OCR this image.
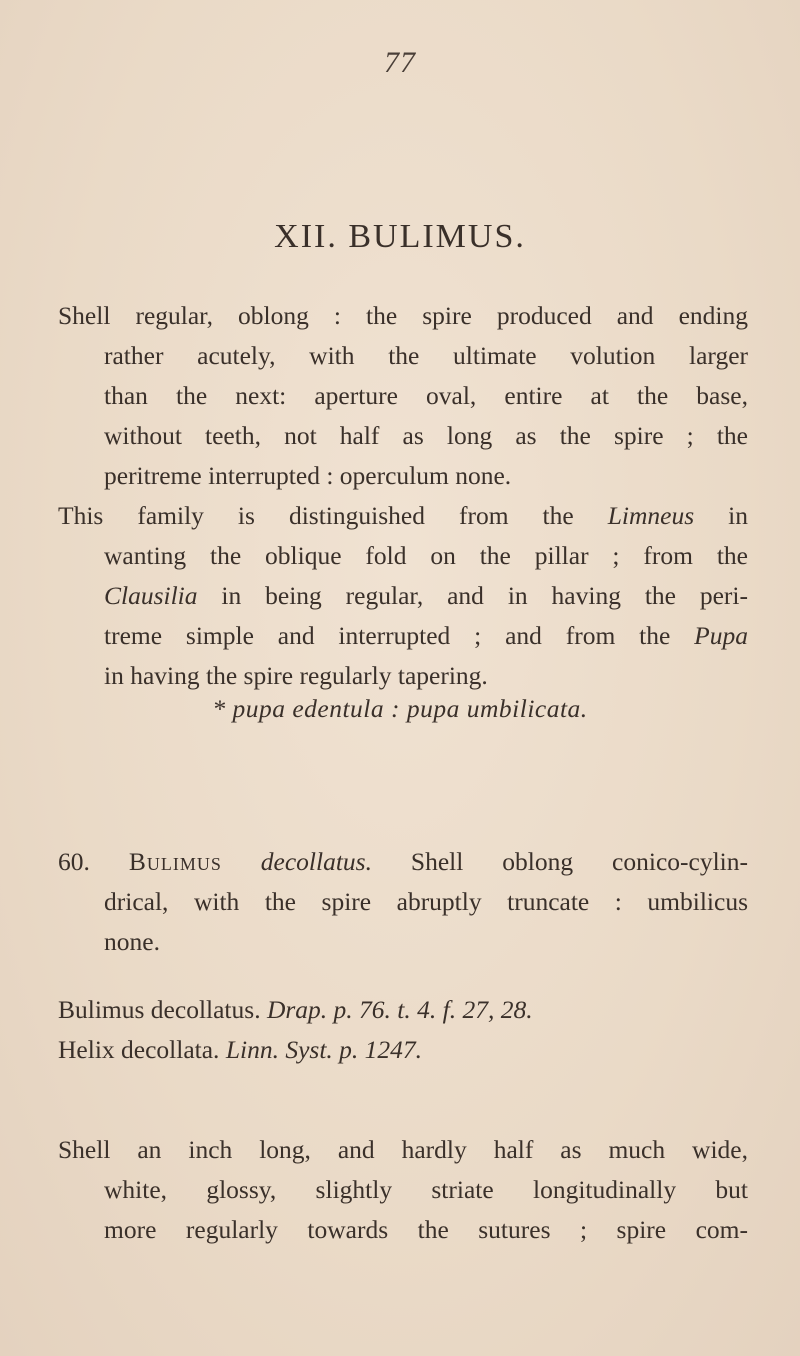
77
XII. BULIMUS.
Shell regular, oblong : the spire produced and ending
rather acutely, with the ultimate volution larger
than the next: aperture oval, entire at the base,
without teeth, not half as long as the spire ; the
peritreme interrupted : operculum none.
This family is distinguished from the Limneus in
wanting the oblique fold on the pillar ; from the
Clausilia in being regular, and in having the peri-
treme simple and interrupted ; and from the Pupa
in having the spire regularly tapering.
* pupa edentula : pupa umbilicata.
60. Bulimus decollatus. Shell oblong conico-cylin-
drical, with the spire abruptly truncate : umbilicus
none.
Bulimus decollatus. Drap. p. 76. t. 4. f. 27, 28.
Helix decollata. Linn. Syst. p. 1247.
Shell an inch long, and hardly half as much wide,
white, glossy, slightly striate longitudinally but
more regularly towards the sutures ; spire com-
